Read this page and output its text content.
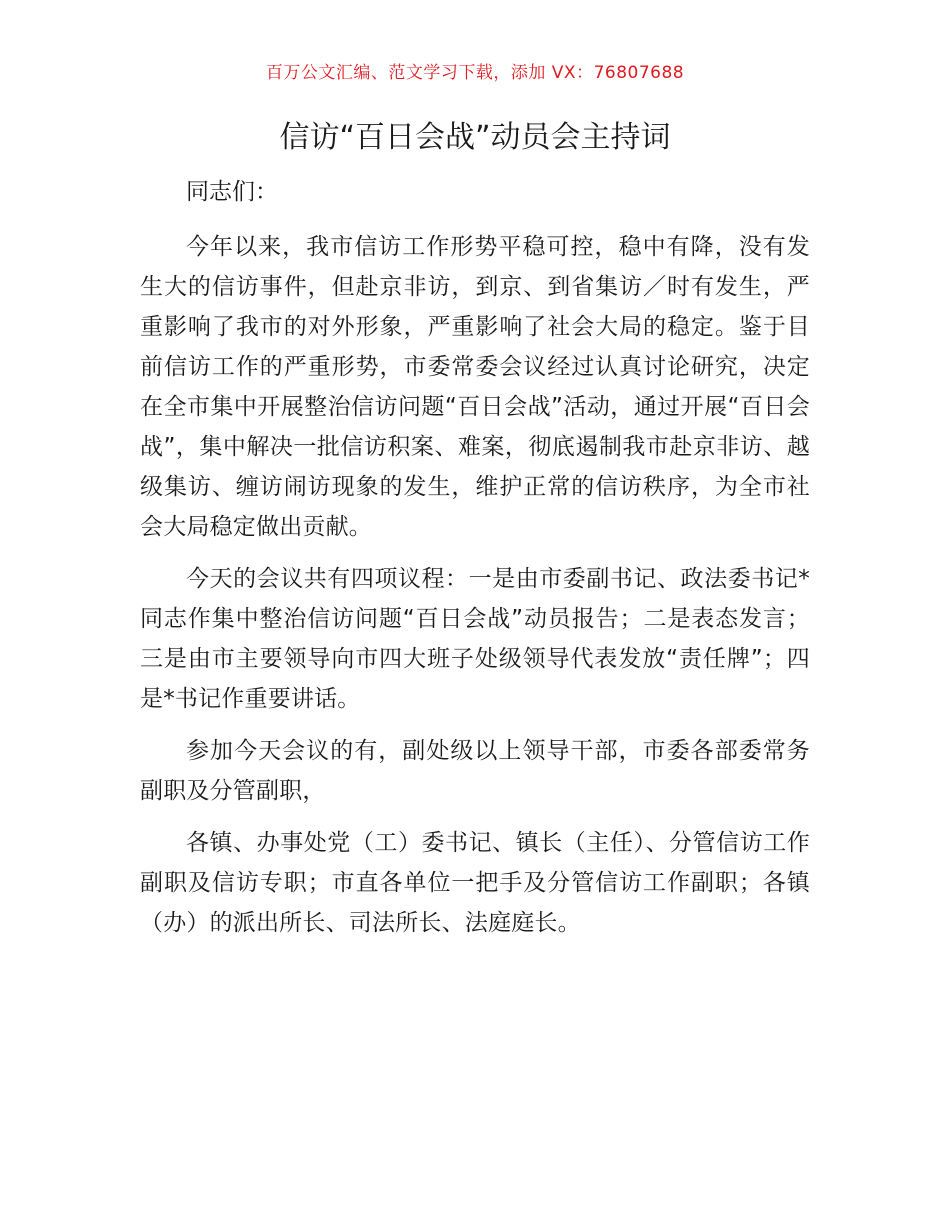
百万公文汇编、范文学习下载，添加 VX：76807688
信访“百日会战”动员会主持词

同志们：

今年以来，我市信访工作形势平稳可控，稳中有降，没有发生大的信访事件，但赴京非访，到京、到省集访／时有发生，严重影响了我市的对外形象，严重影响了社会大局的稳定。鉴于目前信访工作的严重形势，市委常委会议经过认真讨论研究，决定在全市集中开展整治信访问题“百日会战”活动，通过开展“百日会战”，集中解决一批信访积案、难案，彻底遏制我市赴京非访、越级集访、缠访闹访现象的发生，维护正常的信访秩序，为全市社会大局稳定做出贡献。

今天的会议共有四项议程：一是由市委副书记、政法委书记*同志作集中整治信访问题“百日会战”动员报告；二是表态发言；三是由市主要领导向市四大班子处级领导代表发放“责任牌”；四是*书记作重要讲话。

参加今天会议的有，副处级以上领导干部，市委各部委常务副职及分管副职，

各镇、办事处党（工）委书记、镇长（主任）、分管信访工作副职及信访专职；市直各单位一把手及分管信访工作副职；各镇（办）的派出所长、司法所长、法庭庭长。
